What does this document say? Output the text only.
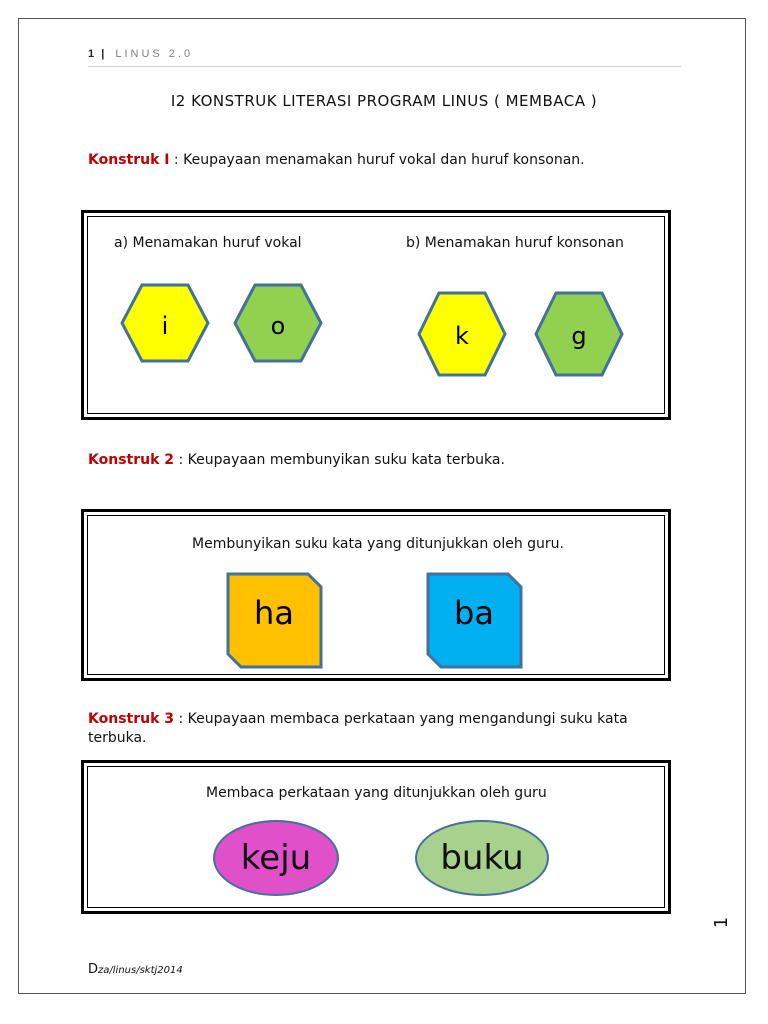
1 | LINUS 2.0
I2 KONSTRUK LITERASI PROGRAM LINUS ( MEMBACA )
Konstruk I : Keupayaan menamakan huruf vokal dan huruf konsonan.
a) Menamakan huruf vokal	b) Menamakan huruf konsonan
i	o	k	g
Konstruk 2 : Keupayaan membunyikan suku kata terbuka.
Membunyikan suku kata yang ditunjukkan oleh guru.
ha	ba
Konstruk 3 : Keupayaan membaca perkataan yang mengandungi suku kata terbuka.
Membaca perkataan yang ditunjukkan oleh guru
keju	buku
1
Dza/linus/sktj2014
